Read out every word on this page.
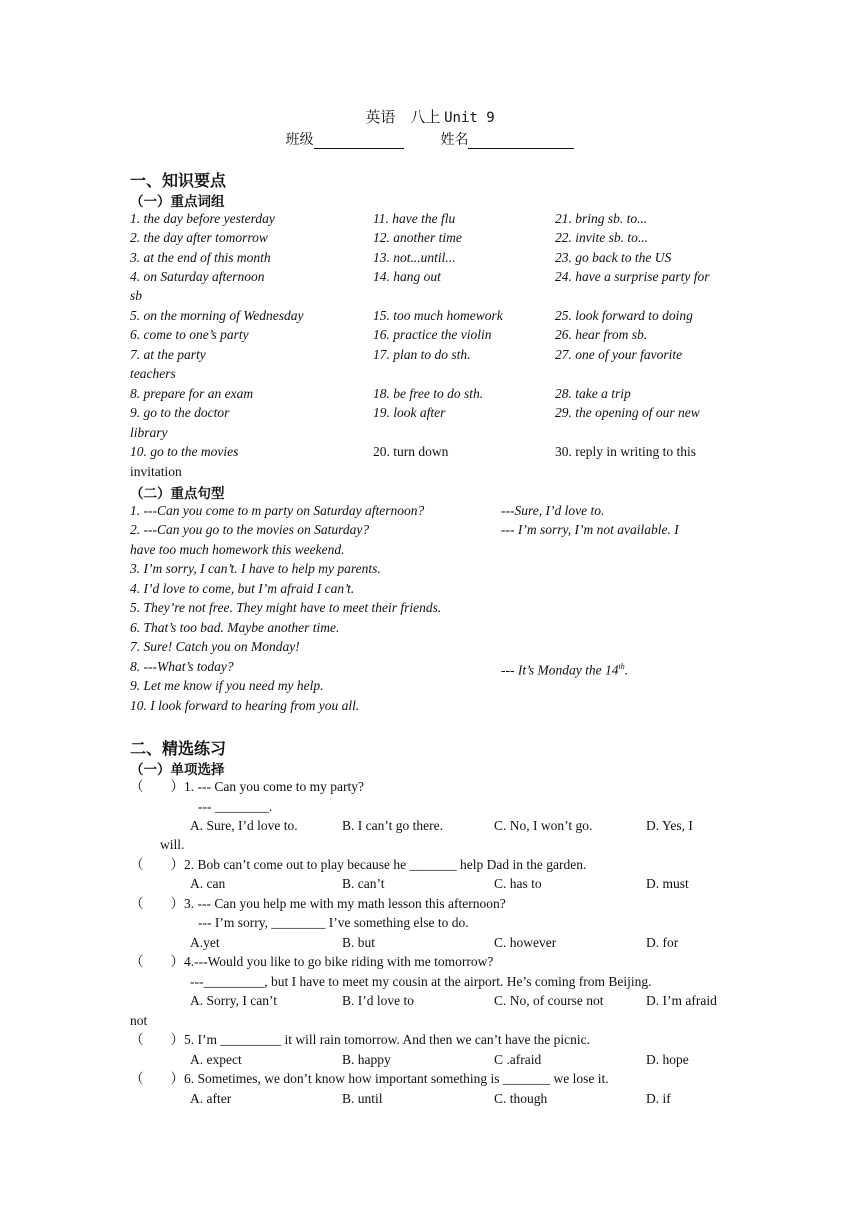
英语　八上 Unit 9
班级	姓名
一、知识要点
（一）重点词组
1. the day before yesterday	11. have the flu	21. bring sb. to...
2. the day after tomorrow	12. another time	22. invite sb. to...
3. at the end of this month	13. not...until...	23. go back to the US
4. on Saturday afternoon	14. hang out	24. have a surprise party for
sb
5. on the morning of Wednesday	15. too much homework	25. look forward to doing
6. come to one’s party	16. practice the violin	26. hear from sb.
7. at the party	17. plan to do sth.	27. one of your favorite
teachers
8. prepare for an exam	18. be free to do sth.	28. take a trip
9. go to the doctor	19. look after	29. the opening of our new
library
10. go to the movies	20. turn down	30. reply in writing to this
invitation
（二）重点句型
1. ---Can you come to m party on Saturday afternoon?	---Sure, I’d love to.
2. ---Can you go to the movies on Saturday?	--- I’m sorry, I’m not available. I
have too much homework this weekend.
3. I’m sorry, I can’t. I have to help my parents.
4. I’d love to come, but I’m afraid I can’t.
5. They’re not free. They might have to meet their friends.
6. That’s too bad. Maybe another time.
7. Sure! Catch you on Monday!
8. ---What’s today?	--- It’s Monday the 14th.
9. Let me know if you need my help.
10. I look forward to hearing from you all.
二、精选练习
（一）单项选择
（　　） 1. --- Can you come to my party?
--- ________.
A. Sure, I’d love to.	B. I can’t go there.	C. No, I won’t go.	D. Yes, I
will.
（　　） 2. Bob can’t come out to play because he _______ help Dad in the garden.
A. can	B. can’t	C. has to	D. must
（　　） 3. --- Can you help me with my math lesson this afternoon?
--- I’m sorry, ________ I’ve something else to do.
A.yet	B. but	C. however	D. for
（　　） 4.---Would you like to go bike riding with me tomorrow?
---_________, but I have to meet my cousin at the airport. He’s coming from Beijing.
A. Sorry, I can’t	B. I’d love to	C. No, of course not	D. I’m afraid
not
（　　） 5. I’m _________ it will rain tomorrow. And then we can’t have the picnic.
A. expect	B. happy	C .afraid	D. hope
（　　） 6. Sometimes, we don’t know how important something is _______ we lose it.
A. after	B. until	C. though	D. if
